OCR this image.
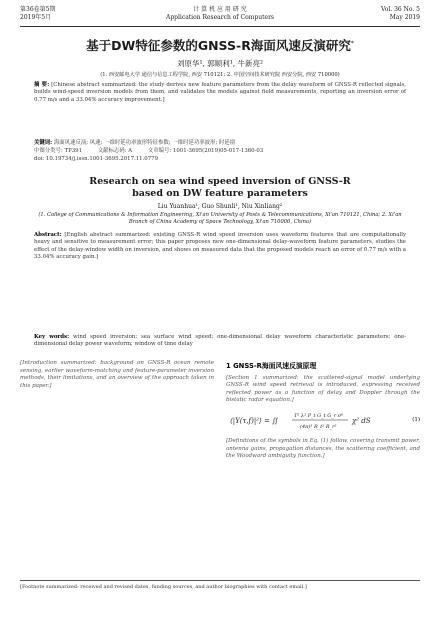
第36卷第5期
2019年5月
计 算 机 应 用 研 究
Application Research of Computers
Vol. 36 No. 5
May 2019
基于DW特征参数的GNSS-R海面风速反演研究*
刘原华¹, 郭顺利¹, 牛新亮²
(1. 西安邮电大学 通信与信息工程学院, 西安 710121; 2. 中国空间技术研究院 西安分院, 西安 710000)
摘 要: [Chinese abstract summarized: the study derives new feature parameters from the delay waveform of GNSS-R reflected signals, builds wind-speed inversion models from them, and validates the models against field measurements, reporting an inversion error of 0.77 m/s and a 33.04% accuracy improvement.]
关键词: 海面风速反演; 风速; 一维时延功率波形特征参数; 一维时延功率波形; 时延窗
中图分类号: TP391	文献标志码: A	文章编号: 1001-3695(2019)05-017-1360-03
doi: 10.19734/j.issn.1001-3695.2017.11.0779
Research on sea wind speed inversion of GNSS-R
based on DW feature parameters
Liu Yuanhua¹, Guo Shunli¹, Niu Xinliang²
(1. College of Communications & Information Engineering, Xi'an University of Posts & Telecommunications, Xi'an 710121, China; 2. Xi'an Branch of China Academy of Space Technology, Xi'an 710000, China)
Abstract: [English abstract summarized: existing GNSS-R wind speed inversion uses waveform features that are computationally heavy and sensitive to measurement error; this paper proposes new one-dimensional delay-waveform feature parameters, studies the effect of the delay-window width on inversion, and shows on measured data that the proposed models reach an error of 0.77 m/s with a 33.04% accuracy gain.]
Key words: wind speed inversion; sea surface wind speed; one-dimensional delay waveform characteristic parameters; one-dimensional delay power waveform; window of time delay

[Introduction summarized: background on GNSS-R ocean remote sensing, earlier waveform-matching and feature-parameter inversion methods, their limitations, and an overview of the approach taken in this paper.]

1 GNSS-R海面风速反演原理

[Section 1 summarized: the scattered-signal model underlying GNSS-R wind speed retrieval is introduced, expressing received reflected power as a function of delay and Doppler through the bistatic radar equation.]

⟨|Y(τ,f)|²⟩ = ∬
T² λ² P_t G_t G_r σ⁰
(4π)³ R_t² R_r²
χ² dS	(1)

[Definitions of the symbols in Eq. (1) follow, covering transmit power, antenna gains, propagation distances, the scattering coefficient, and the Woodward ambiguity function.]

[Footnote summarized: received and revised dates, funding sources, and author biographies with contact email.]
